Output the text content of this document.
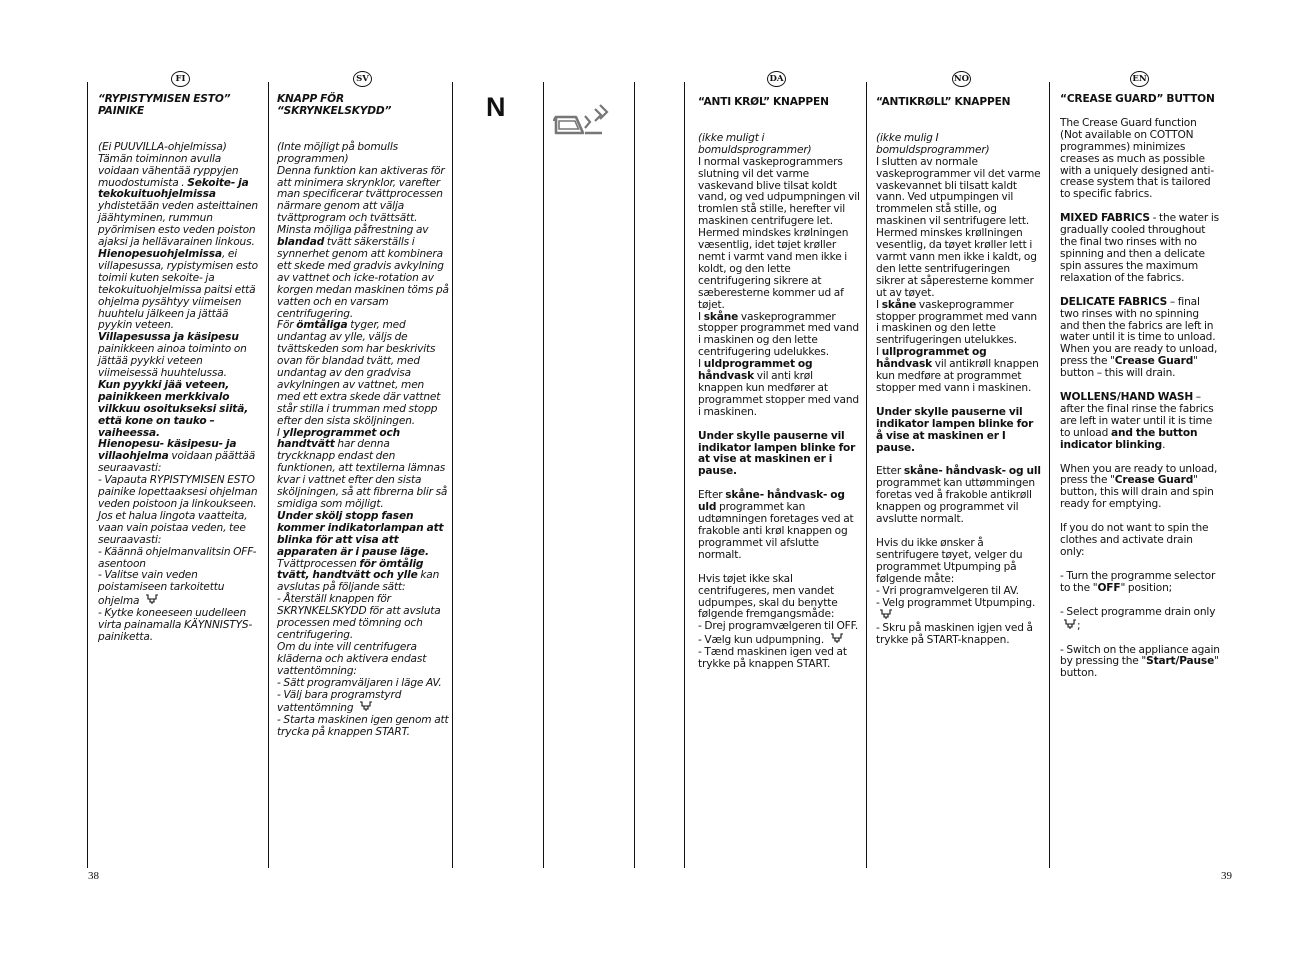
FI	SV	DA	NO	EN
N

“RYPISTYMISEN ESTO” PAINIKE

(Ei PUUVILLA-ohjelmissa)
Tämän toiminnon avulla voidaan vähentää ryppyjen muodostumista . Sekoite- ja tekokuituohjelmissa
yhdistetään veden asteittainen jäähtyminen, rummun pyörimisen esto veden poiston ajaksi ja hellävarainen linkous.
Hienopesuohjelmissa, ei villapesussa, rypistymisen esto toimii kuten sekoite- ja tekokuituohjelmissa paitsi että ohjelma pysähtyy viimeisen huuhtelu jälkeen ja jättää pyykin veteen.
Villapesussa ja käsipesu
painikkeen ainoa toiminto on jättää pyykki veteen viimeisessä huuhtelussa.
Kun pyykki jää veteen, painikkeen merkkivalo vilkkuu osoitukseksi siitä, että kone on tauko –vaiheessa.
Hienopesu- käsipesu- ja villaohjelma voidaan päättää seuraavasti:
- Vapauta RYPISTYMISEN ESTO painike lopettaaksesi ohjelman veden poistoon ja linkoukseen.
Jos et halua lingota vaatteita, vaan vain poistaa veden, tee seuraavasti:
- Käännä ohjelmanvalitsin OFF-asentoon
- Valitse vain veden poistamiseen tarkoitettu ohjelma
- Kytke koneeseen uudelleen virta painamalla KÄYNNISTYS-painiketta.

KNAPP FÖR “SKRYNKELSKYDD”

(Inte möjligt på bomulls programmen)
Denna funktion kan aktiveras för att minimera skrynklor, varefter man specificerar tvättprocessen närmare genom att välja tvättprogram och tvättsätt.
Minsta möjliga påfrestning av blandad tvätt säkerställs i synnerhet genom att kombinera ett skede med gradvis avkylning av vattnet och icke-rotation av korgen medan maskinen töms på vatten och en varsam centrifugering.
För ömtåliga tyger, med undantag av ylle, väljs de tvättskeden som har beskrivits ovan för blandad tvätt, med undantag av den gradvisa avkylningen av vattnet, men med ett extra skede där vattnet står stilla i trumman med stopp efter den sista sköljningen.
I ylleprogrammet och handtvätt har denna tryckknapp endast den funktionen, att textilerna lämnas kvar i vattnet efter den sista sköljningen, så att fibrerna blir så smidiga som möjligt.
Under skölj stopp fasen kommer indikatorlampan att blinka för att visa att apparaten är i pause läge.
Tvättprocessen för ömtålig tvätt, handtvätt och ylle kan avslutas på följande sätt:
- Återställ knappen för SKRYNKELSKYDD för att avsluta processen med tömning och centrifugering.
Om du inte vill centrifugera kläderna och aktivera endast vattentömning:
- Sätt programväljaren i läge AV.
- Välj bara programstyrd vattentömning
- Starta maskinen igen genom att trycka på knappen START.

“ANTI KRØL” KNAPPEN

(ikke muligt i bomuldsprogrammer)
I normal vaskeprogrammers slutning vil det varme vaskevand blive tilsat koldt vand, og ved udpumpningen vil tromlen stå stille, herefter vil maskinen centrifugere let. Hermed mindskes krølningen væsentlig, idet tøjet krøller nemt i varmt vand men ikke i koldt, og den lette centrifugering sikrere at sæberesterne kommer ud af tøjet.
I skåne vaskeprogrammer stopper programmet med vand i maskinen og den lette centrifugering udelukkes.
I uldprogrammet og håndvask vil anti krøl knappen kun medfører at programmet stopper med vand i maskinen.

Under skylle pauserne vil indikator lampen blinke for at vise at maskinen er i pause.

Efter skåne- håndvask- og uld programmet kan udtømningen foretages ved at frakoble anti krøl knappen og programmet vil afslutte normalt.

Hvis tøjet ikke skal centrifugeres, men vandet udpumpes, skal du benytte følgende fremgangsmåde:
- Drej programvælgeren til OFF.
- Vælg kun udpumpning.
- Tænd maskinen igen ved at trykke på knappen START.

“ANTIKRØLL” KNAPPEN

(ikke mulig I bomuldsprogrammer)
I slutten av normale vaskeprogrammer vil det varme vaskevannet bli tilsatt kaldt vann. Ved utpumpingen vil trommelen stå stille, og maskinen vil sentrifugere lett. Hermed minskes krøllningen vesentlig, da tøyet krøller lett i varmt vann men ikke i kaldt, og den lette sentrifugeringen sikrer at såperesterne kommer ut av tøyet.
I skåne vaskeprogrammer stopper programmet med vann i maskinen og den lette sentrifugeringen utelukkes.
I ullprogrammet og håndvask vil antikrøll knappen kun medføre at programmet stopper med vann i maskinen.

Under skylle pauserne vil indikator lampen blinke for å vise at maskinen er I pause.

Etter skåne- håndvask- og ull programmet kan uttømmingen foretas ved å frakoble antikrøll knappen og programmet vil avslutte normalt.

Hvis du ikke ønsker å sentrifugere tøyet, velger du programmet Utpumping på følgende måte:
- Vri programvelgeren til AV.
- Velg programmet Utpumping.
- Skru på maskinen igjen ved å trykke på START-knappen.

“CREASE GUARD” BUTTON

The Crease Guard function (Not available on COTTON programmes) minimizes creases as much as possible with a uniquely designed anti-crease system that is tailored to specific fabrics.

MIXED FABRICS - the water is gradually cooled throughout the final two rinses with no spinning and then a delicate spin assures the maximum relaxation of the fabrics.

DELICATE FABRICS – final two rinses with no spinning and then the fabrics are left in water until it is time to unload. When you are ready to unload, press the "Crease Guard" button – this will drain.

WOLLENS/HAND WASH – after the final rinse the fabrics are left in water until it is time to unload and the button indicator blinking.

When you are ready to unload, press the "Crease Guard" button, this will drain and spin ready for emptying.

If you do not want to spin the clothes and activate drain only:

- Turn the programme selector to the "OFF" position;

- Select programme drain only ;

- Switch on the appliance again by pressing the "Start/Pause" button.

38	39
